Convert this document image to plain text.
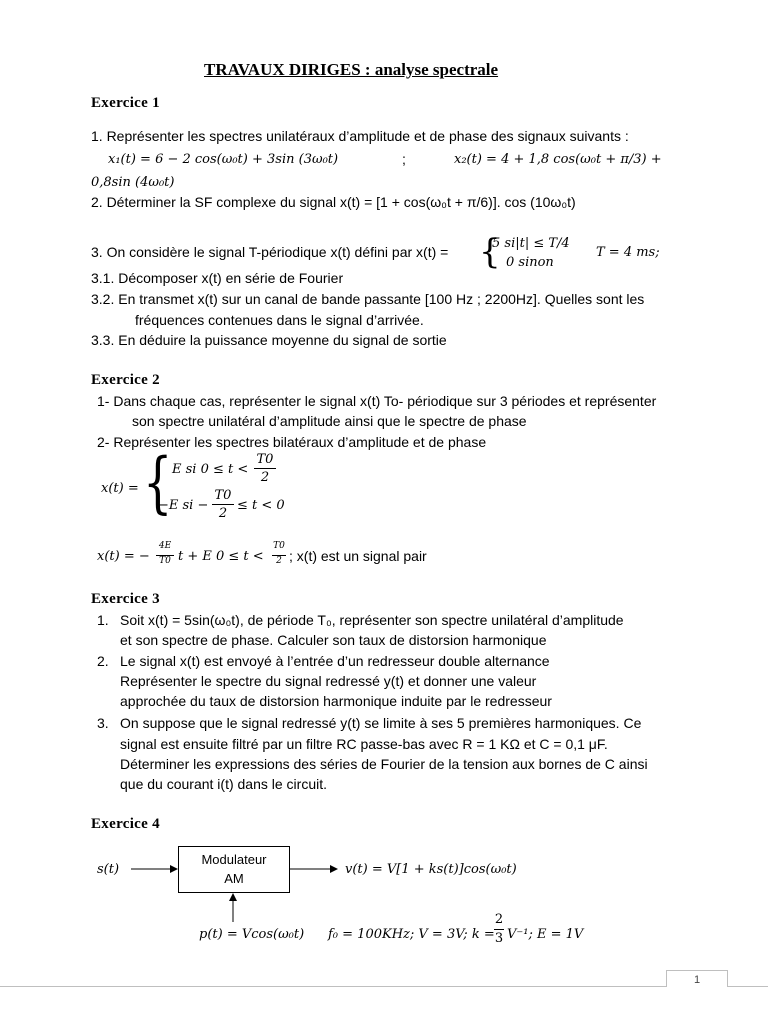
TRAVAUX DIRIGES : analyse spectrale
Exercice 1
1. Représenter les spectres unilatéraux d’amplitude et de phase des signaux suivants :
x₁(t) = 6 − 2 cos(ω₀t) + 3sin (3ω₀t)	;	x₂(t) = 4 + 1,8 cos(ω₀t + π/3) +
0,8sin (4ω₀t)
2. Déterminer la SF complexe du signal x(t) = [1 + cos(ω₀t + π/6)]. cos (10ω₀t)
3. On considère le signal T-périodique x(t) défini par x(t) = {
5 si|t| ≤ T/4
0 sinon
T = 4 ms;
3.1. Décomposer x(t) en série de Fourier
3.2. En transmet x(t) sur un canal de bande passante [100 Hz ; 2200Hz]. Quelles sont les
fréquences contenues dans le signal d’arrivée.
3.3. En déduire la puissance moyenne du signal de sortie
Exercice 2
1- Dans chaque cas, représenter le signal x(t) To- périodique sur 3 périodes et représenter
son spectre unilatéral d’amplitude ainsi que le spectre de phase
2- Représenter les spectres bilatéraux d’amplitude et de phase
x(t) = { E si 0 ≤ t <
T0
2
−E si −
T0
2
≤ t < 0
x(t) = −
4E
T0 t + E 0 ≤ t <
T0
2 ; x(t) est un signal pair
Exercice 3
1. Soit x(t) = 5sin(ω₀t), de période T₀, représenter son spectre unilatéral d’amplitude
et son spectre de phase. Calculer son taux de distorsion harmonique
2. Le signal x(t) est envoyé à l’entrée d’un redresseur double alternance
Représenter le spectre du signal redressé y(t) et donner une valeur
approchée du taux de distorsion harmonique induite par le redresseur
3. On suppose que le signal redressé y(t) se limite à ses 5 premières harmoniques. Ce
signal est ensuite filtré par un filtre RC passe-bas avec R = 1 KΩ et C = 0,1 μF.
Déterminer les expressions des séries de Fourier de la tension aux bornes de C ainsi
que du courant i(t) dans le circuit.
Exercice 4
s(t)
Modulateur
AM
v(t) = V[1 + ks(t)]cos(ω₀t)
p(t) = Vcos(ω₀t) f₀ = 100KHz; V = 3V; k =
2
3 V⁻¹; E = 1V
1
